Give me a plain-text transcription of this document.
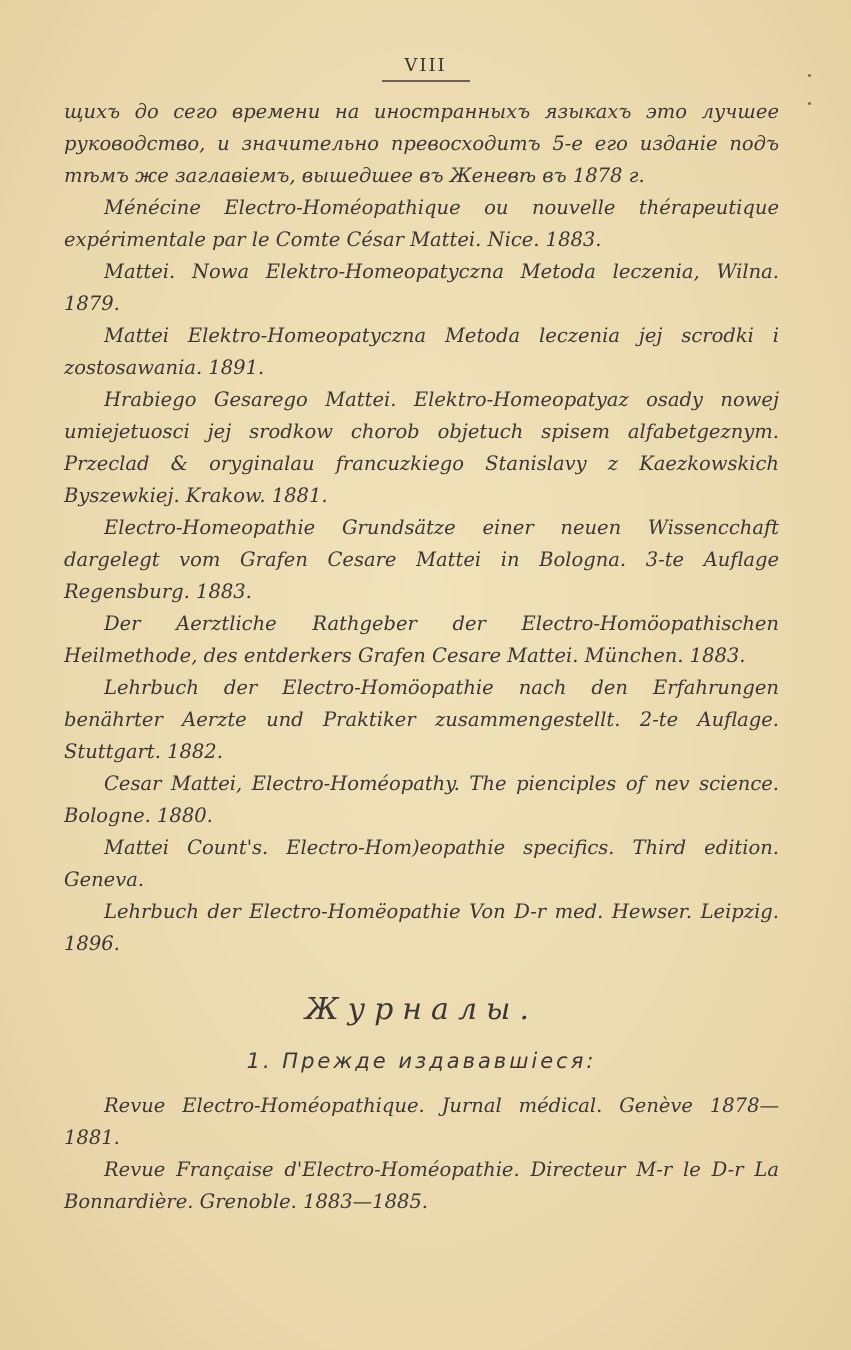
VIII

щихъ до сего времени на иностранныхъ языкахъ это лучшее руководство, и значительно превосходитъ 5-е его изданіе подъ тѣмъ же заглавіемъ, вышедшее въ Женевѣ въ 1878 г.

Ménécine Electro-Homéopathique ou nouvelle thérapeutique expérimentale par le Comte César Mattei. Nice. 1883.

Mattei. Nowa Elektro-Homeopatyczna Metoda leczenia, Wilna. 1879.

Mattei Elektro-Homeopatyczna Metoda leczenia jej scrodki i zostosawania. 1891.

Hrabiego Gesarego Mattei. Elektro-Homeopatyaz osady nowej umiejetuosci jej srodkow chorob objetuch spisem alfabetgeznym. Przeclad & oryginalau francuzkiego Stanislavy z Kaezkowskich Byszewkiej. Krakow. 1881.

Electro-Homeopathie Grundsätze einer neuen Wissencchaft dargelegt vom Grafen Cesare Mattei in Bologna. 3-te Auflage Regensburg. 1883.

Der Aerztliche Rathgeber der Electro-Homöopathischen Heilmethode, des entderkers Grafen Cesare Mattei. München. 1883.

Lehrbuch der Electro-Homöopathie nach den Erfahrungen benährter Aerzte und Praktiker zusammengestellt. 2-te Auflage. Stuttgart. 1882.

Cesar Mattei, Electro-Homéopathy. The pienciples of nev science. Bologne. 1880.

Mattei Count's. Electro-Hom)eopathie specifics. Third edition. Geneva.

Lehrbuch der Electro-Homëopathie Von D-r med. Hewser. Leipzig. 1896.

Журналы.
1. Прежде издававшіеся:

Revue Electro-Homéopathique. Jurnal médical. Genève 1878—1881.

Revue Française d'Electro-Homéopathie. Directeur M-r le D-r La Bonnardière. Grenoble. 1883—1885.
